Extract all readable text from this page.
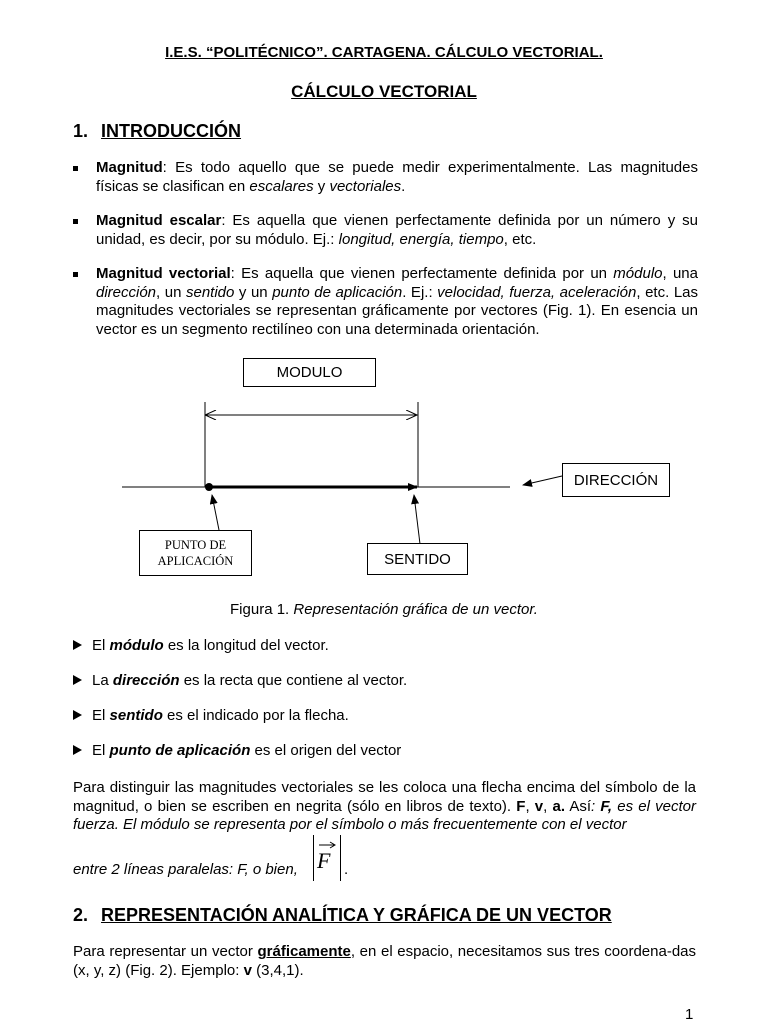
I.E.S. “POLITÉCNICO”. CARTAGENA. CÁLCULO VECTORIAL.
CÁLCULO VECTORIAL
1. INTRODUCCIÓN
Magnitud: Es todo aquello que se puede medir experimentalmente. Las magnitudes físicas se clasifican en escalares y vectoriales.
Magnitud escalar: Es aquella que vienen perfectamente definida por un número y su unidad, es decir, por su módulo. Ej.: longitud, energía, tiempo, etc.
Magnitud vectorial: Es aquella que vienen perfectamente definida por un módulo, una dirección, un sentido y un punto de aplicación. Ej.: velocidad, fuerza, aceleración, etc. Las magnitudes vectoriales se representan gráficamente por vectores (Fig. 1). En esencia un vector es un segmento rectilíneo con una determinada orientación.
MODULO
DIRECCIÓN
PUNTO DE
APLICACIÓN	SENTIDO
Figura 1. Representación gráfica de un vector.
El módulo es la longitud del vector.
La dirección es la recta que contiene al vector.
El sentido es el indicado por la flecha.
El punto de aplicación es el origen del vector
Para distinguir las magnitudes vectoriales se les coloca una flecha encima del símbolo de la magnitud, o bien se escriben en negrita (sólo en libros de texto). F, v, a. Así: F, es el vector fuerza. El módulo se representa por el símbolo o más frecuentemente con el vector
entre 2 líneas paralelas: F, o bien, F .
2. REPRESENTACIÓN ANALÍTICA Y GRÁFICA DE UN VECTOR
Para representar un vector gráficamente, en el espacio, necesitamos sus tres coordena-das (x, y, z) (Fig. 2). Ejemplo: v (3,4,1).
1
